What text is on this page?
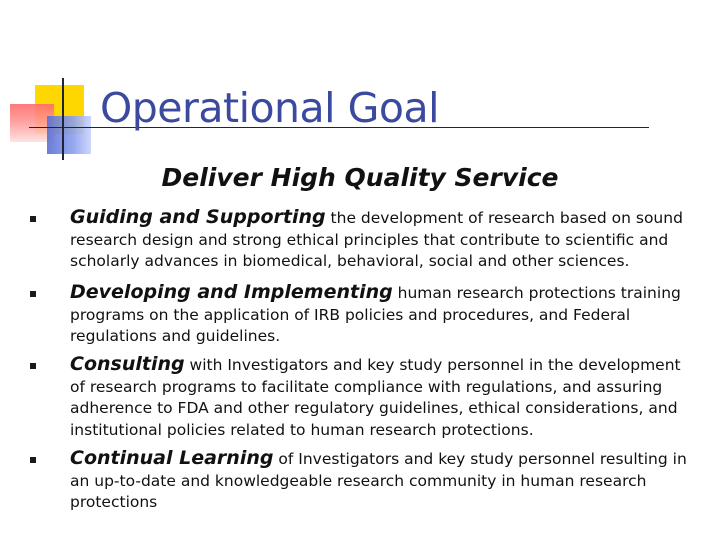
Operational Goal
Deliver High Quality Service
Guiding and Supporting the development of research based on sound research design and strong ethical principles that contribute to scientific and scholarly advances in biomedical, behavioral, social and other sciences.
Developing and Implementing human research protections training programs on the application of IRB policies and procedures, and Federal regulations and guidelines.
Consulting with Investigators and key study personnel in the development of research programs to facilitate compliance with regulations, and assuring adherence to FDA and other regulatory guidelines, ethical considerations, and institutional policies related to human research protections.
Continual Learning of Investigators and key study personnel resulting in an up-to-date and knowledgeable research community in human research protections
